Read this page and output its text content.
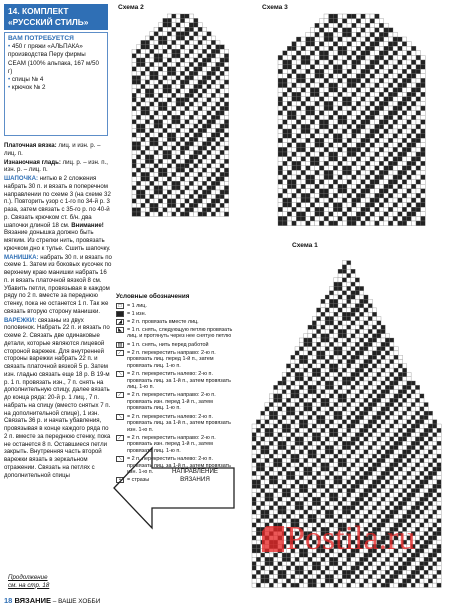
14. КОМПЛЕКТ
«РУССКИЙ СТИЛЬ»
ВАМ ПОТРЕБУЕТСЯ
• 450 г пряжи «АЛЬПАКА» производства Перу фирмы СЕАМ (100% альпака, 167 м/50 г)
• спицы № 4
• крючок № 2

Платочная вязка: лиц. и изн. р. – лиц. п.

Изнаночная гладь: лиц. р. – изн. п., изн. р. – лиц. п.

ШАПОЧКА: нитью в 2 сложения набрать 30 п. и вязать в поперечном направлении по схеме 3 (на схеме 32 п.). Повторить узор с 1-го по 34-й р. 3 раза, затем связать с 35-го р. по 40-й р. Связать крючком ст. б/н. два шапочки длиной 18 см. Внимание! Вязание донышка должно быть мягким. Из стрелки нить, провязать крючком дно к тулье. Сшить шапочку.

МАНИШКА: набрать 30 п. и вязать по схеме 1. Затем из боковых кусочек по верхнему краю манишки набрать 16 п. и вязать платочной вязкой 8 см. Убавить петли, провязывая в каждом ряду по 2 п. вместе за переднюю стенку, пока не останется 1 п. Так же связать вторую сторону манишки.

ВАРЕЖКИ: связаны из двух половинок. Набрать 22 п. и вязать по схеме 2. Связать две одинаковые детали, которые являются лицевой стороной варежек. Для внутренней стороны варежки набрать 22 п. и связать платочной вязкой 5 р. Затем изн. гладью связать еще 18 р. В 19-м р. 1 п. провязать изн., 7 п. снять на дополнительную спицу, далее вязать до конца ряда: 20-й р. 1 лиц., 7 п. набрать на спицу (вместо снятых 7 п. на дополнительной спице), 1 изн. Связать 36 р. и начать убавления, провязывая в конце каждого ряда по 2 п. вместе за переднюю стенку, пока не останется 8 п. Оставшиеся петли закрыть. Внутренняя часть второй варежки вязать в зеркальном отражении. Связать на петлях с дополнительной спицы

Схема 2	Схема 3
Схема 1
Условные обозначения
□	= 1 лиц.
■	= 1 изн.
◢ = 2 п. провязать вместе лиц.
◣ = 1 п. снять, следующую петлю провязать лиц. и протянуть через нее снятую петлю
▨ = 1 п. снять, нить перед работой
⟋ = 2 п. перекрестить направо: 2-ю п. провязать лиц. перед 1-й п., затем провязать лиц. 1-ю п.
⟍ = 2 п. перекрестить налево: 2-ю п. провязать лиц. за 1-й п., затем провязать лиц. 1-ю п.
⟋ = 2 п. перекрестить направо: 2-ю п. провязать изн. перед 1-й п., затем провязать лиц. 1-ю п.
⟍ = 2 п. перекрестить налево: 2-ю п. провязать лиц. за 1-й п., затем провязать изн. 1-ю п.
⟋ = 2 п. перекрестить направо: 2-ю п. провязать изн. перед 1-й п., затем провязать лиц. 1-ю п.
⟍ = 2 п. перекрестить налево: 2-ю п. провязать лиц. за 1-й п., затем провязать изн. 1-ю п.
•	= стразы
НАПРАВЛЕНИЕ
ВЯЗАНИЯ
Продолжение
см. на стр. 18
18 ВЯЗАНИЕ – ВАШЕ ХОББИ
Postila.ru
